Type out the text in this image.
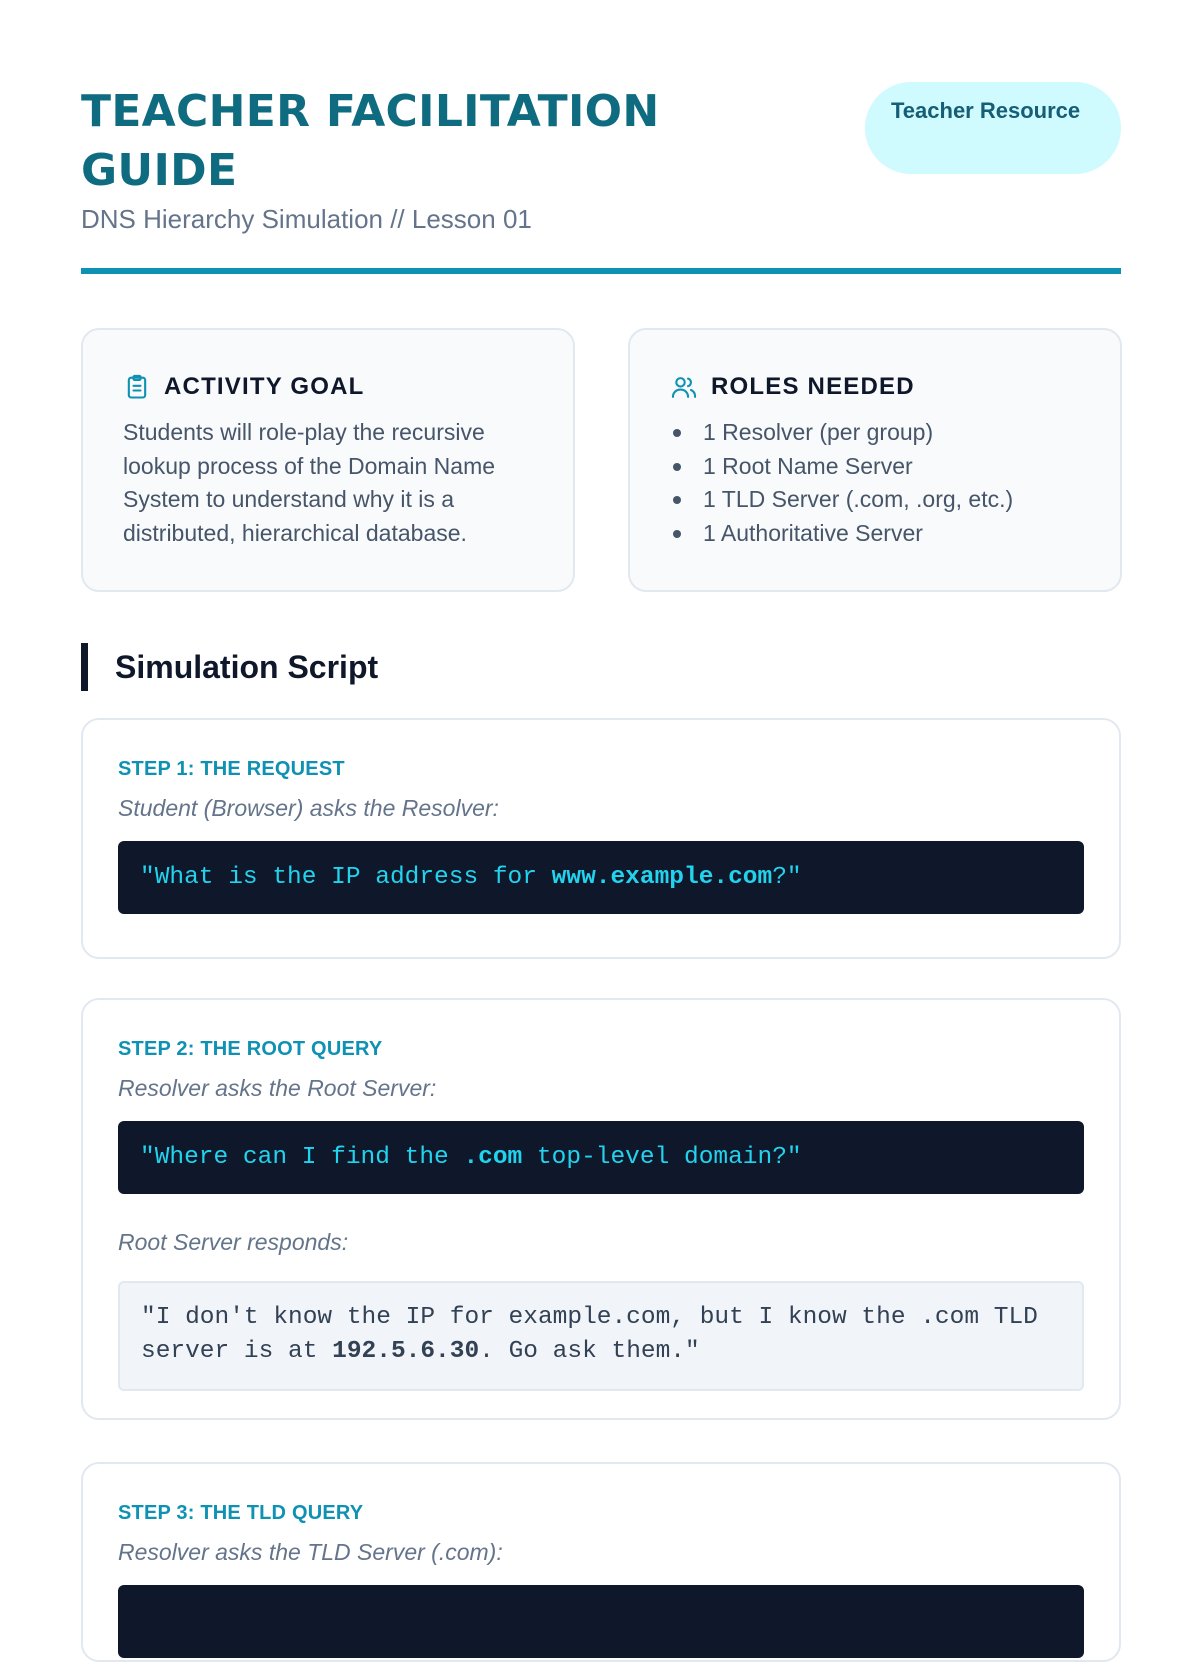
TEACHER FACILITATION GUIDE
DNS Hierarchy Simulation // Lesson 01
Teacher Resource
ACTIVITY GOAL

Students will role-play the recursive lookup process of the Domain Name System to understand why it is a distributed, hierarchical database.

ROLES NEEDED
1 Resolver (per group)
1 Root Name Server
1 TLD Server (.com, .org, etc.)
1 Authoritative Server
Simulation Script
STEP 1: THE REQUEST
Student (Browser) asks the Resolver:
"What is the IP address for www.example.com?"
STEP 2: THE ROOT QUERY
Resolver asks the Root Server:
"Where can I find the .com top-level domain?"
Root Server responds:
"I don't know the IP for example.com, but I know the .com TLD server is at 192.5.6.30. Go ask them."
STEP 3: THE TLD QUERY
Resolver asks the TLD Server (.com):
